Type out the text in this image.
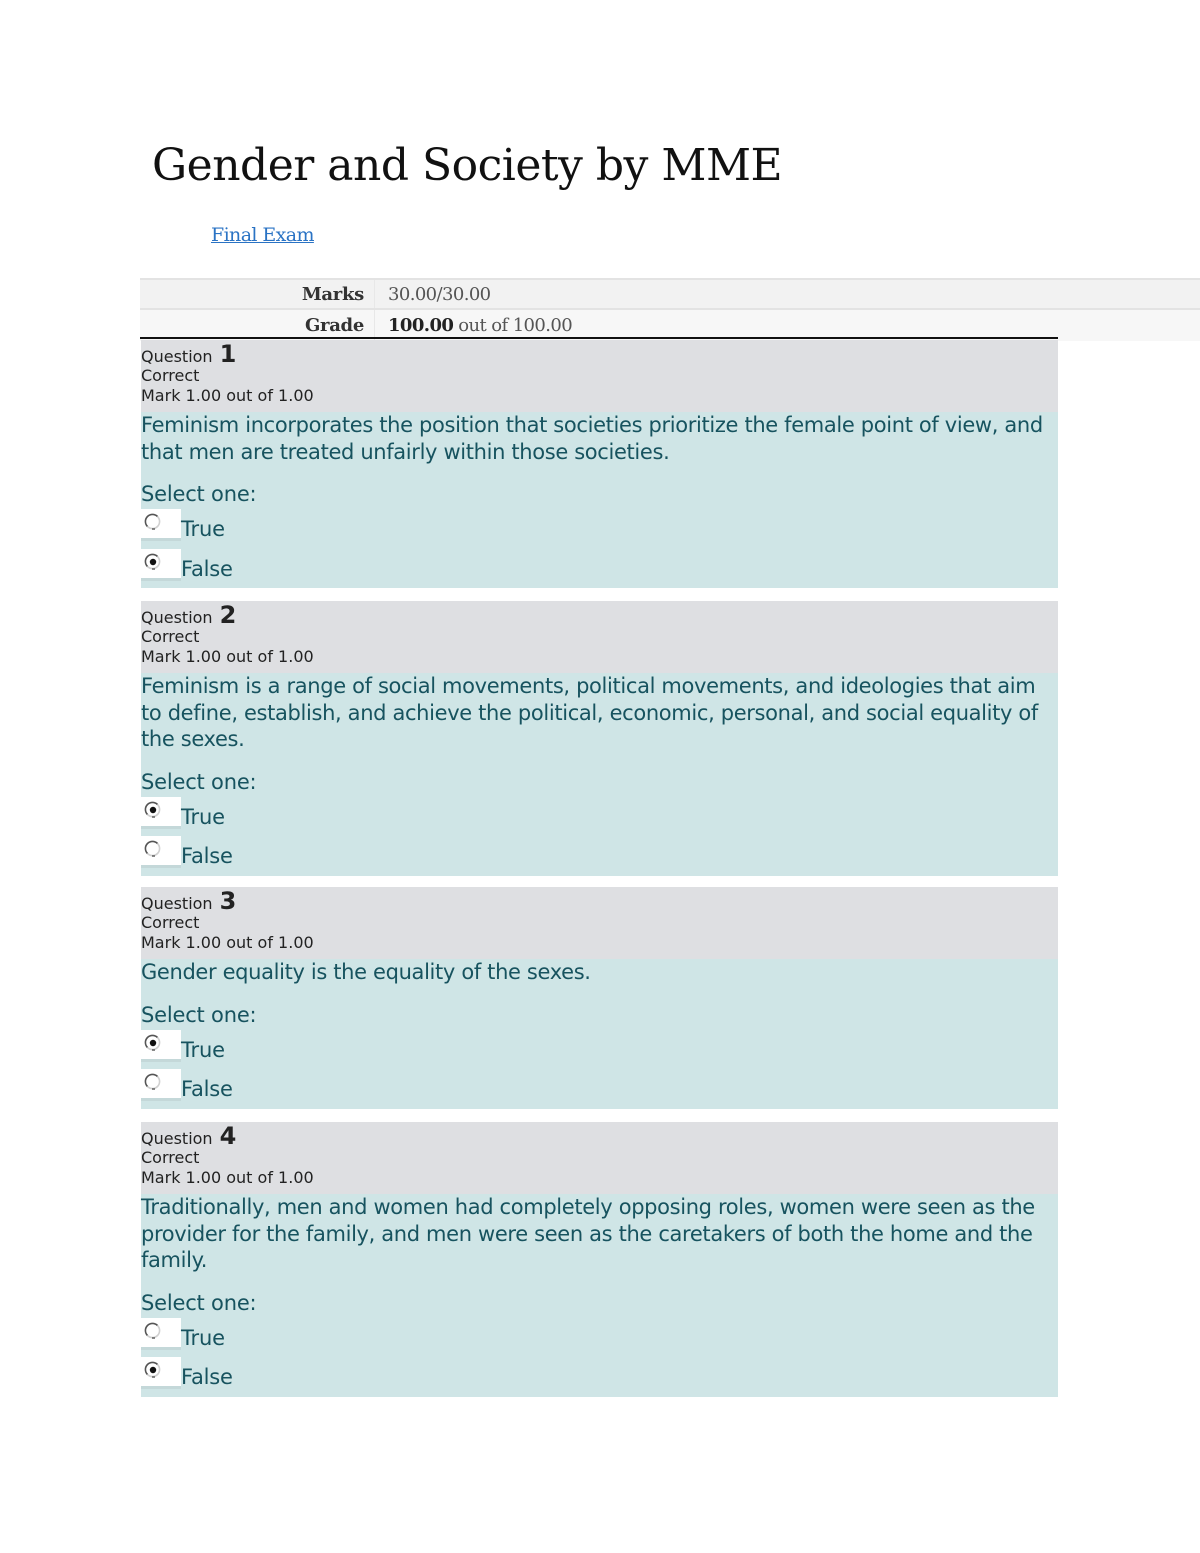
Gender and Society by MME
Final Exam
Marks	30.00/30.00
Grade	100.00 out of 100.00
Question 1
Correct
Mark 1.00 out of 1.00
Feminism incorporates the position that societies prioritize the female point of view, and that men are treated unfairly within those societies.
Select one:
True
False
Question 2
Correct
Mark 1.00 out of 1.00
Feminism is a range of social movements, political movements, and ideologies that aim to define, establish, and achieve the political, economic, personal, and social equality of the sexes.
Select one:
True
False
Question 3
Correct
Mark 1.00 out of 1.00
Gender equality is the equality of the sexes.
Select one:
True
False
Question 4
Correct
Mark 1.00 out of 1.00
Traditionally, men and women had completely opposing roles, women were seen as the provider for the family, and men were seen as the caretakers of both the home and the family.
Select one:
True
False
